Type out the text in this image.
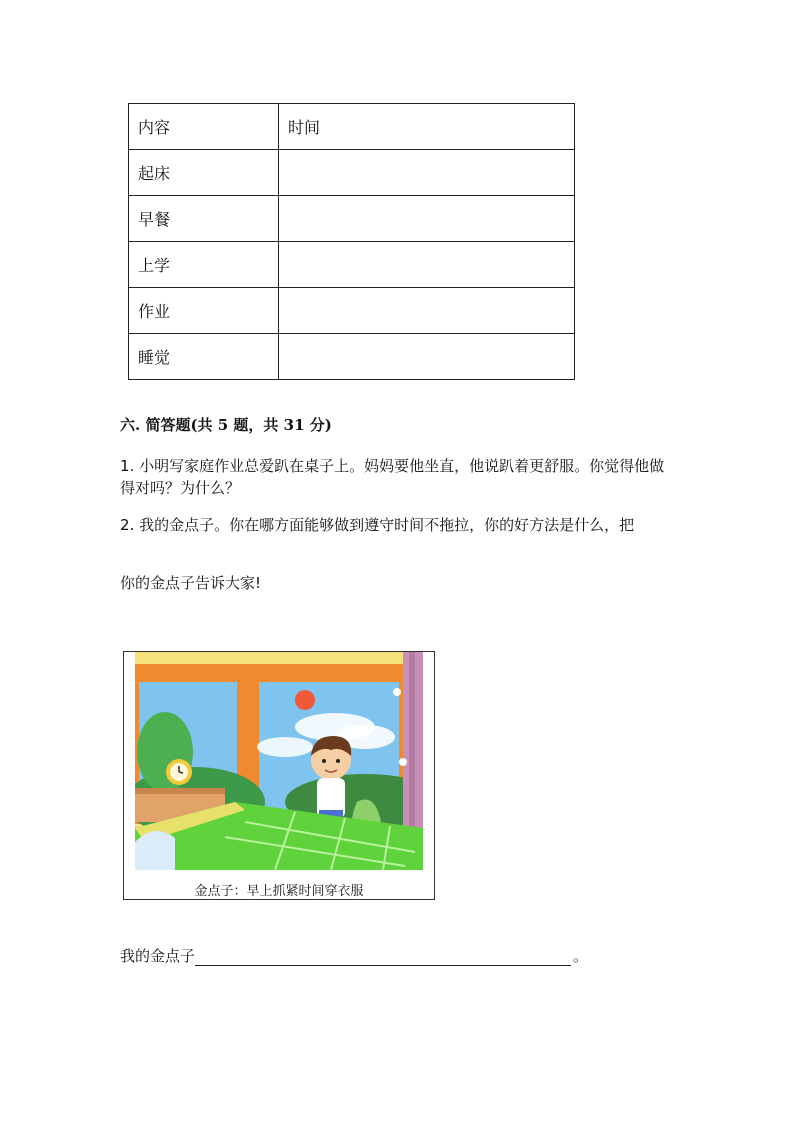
内容	时间
起床	
早餐	
上学	
作业	
睡觉	
六. 简答题(共 5 题，共 31 分)
1. 小明写家庭作业总爱趴在桌子上。妈妈要他坐直，他说趴着更舒服。你觉得他做得对吗？为什么？
2. 我的金点子。你在哪方面能够做到遵守时间不拖拉，你的好方法是什么，把
你的金点子告诉大家!
金点子：早上抓紧时间穿衣服
我的金点子	。
